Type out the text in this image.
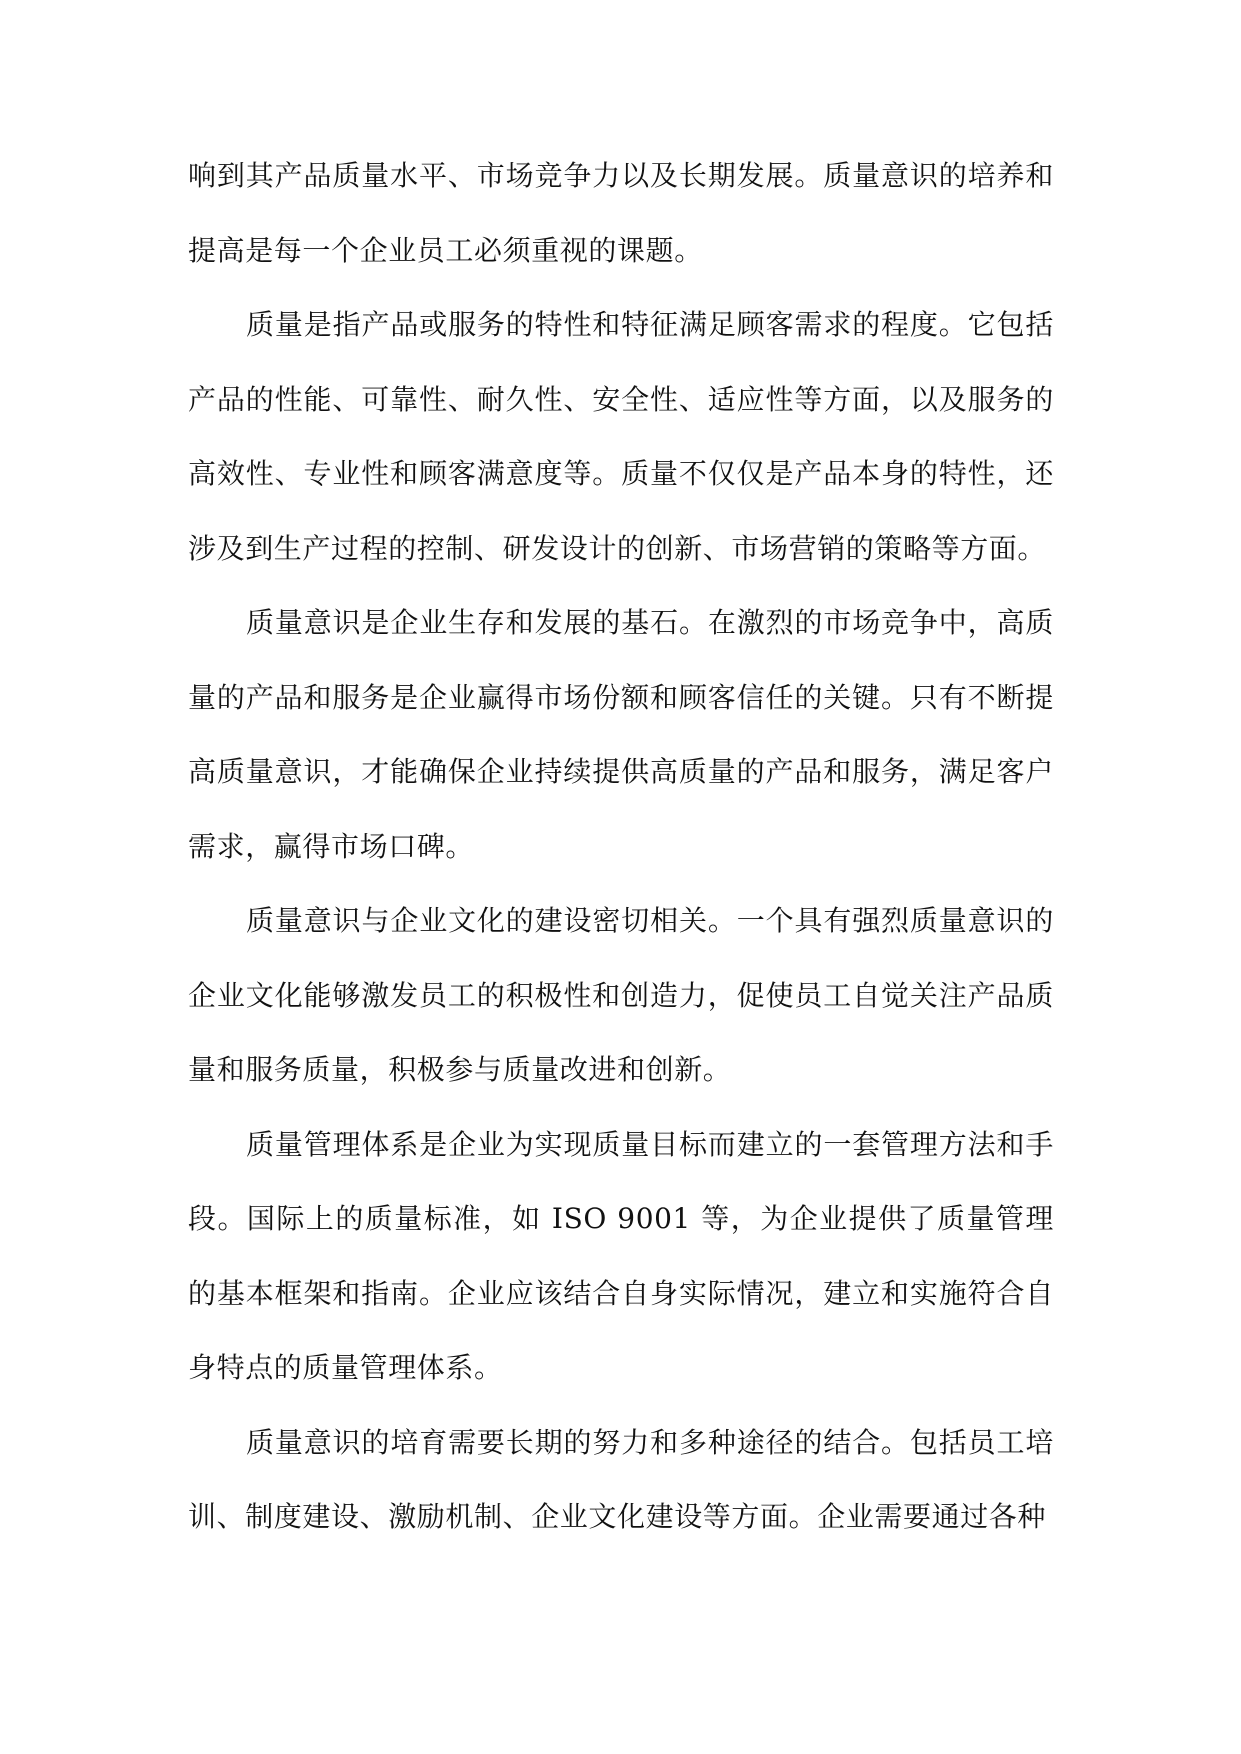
响到其产品质量水平、市场竞争力以及长期发展。质量意识的培养和提高是每一个企业员工必须重视的课题。

质量是指产品或服务的特性和特征满足顾客需求的程度。它包括产品的性能、可靠性、耐久性、安全性、适应性等方面，以及服务的高效性、专业性和顾客满意度等。质量不仅仅是产品本身的特性，还涉及到生产过程的控制、研发设计的创新、市场营销的策略等方面。

质量意识是企业生存和发展的基石。在激烈的市场竞争中，高质量的产品和服务是企业赢得市场份额和顾客信任的关键。只有不断提高质量意识，才能确保企业持续提供高质量的产品和服务，满足客户需求，赢得市场口碑。

质量意识与企业文化的建设密切相关。一个具有强烈质量意识的企业文化能够激发员工的积极性和创造力，促使员工自觉关注产品质量和服务质量，积极参与质量改进和创新。

质量管理体系是企业为实现质量目标而建立的一套管理方法和手段。国际上的质量标准，如 ISO 9001 等，为企业提供了质量管理的基本框架和指南。企业应该结合自身实际情况，建立和实施符合自身特点的质量管理体系。

质量意识的培育需要长期的努力和多种途径的结合。包括员工培训、制度建设、激励机制、企业文化建设等方面。企业需要通过各种
